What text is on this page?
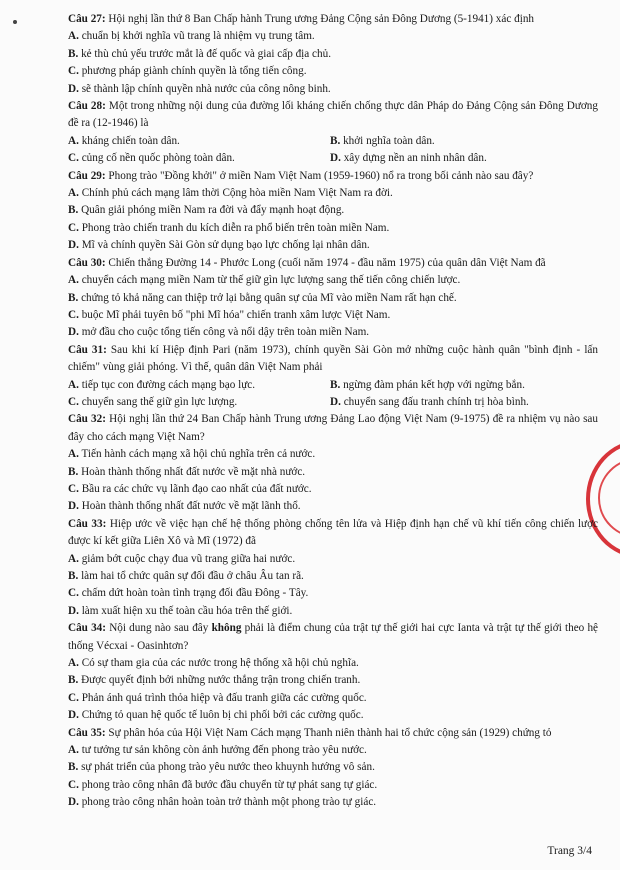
Câu 27: Hội nghị lần thứ 8 Ban Chấp hành Trung ương Đảng Cộng sản Đông Dương (5-1941) xác định

A. chuẩn bị khởi nghĩa vũ trang là nhiệm vụ trung tâm.

B. kẻ thù chủ yếu trước mắt là đế quốc và giai cấp địa chủ.

C. phương pháp giành chính quyền là tổng tiến công.

D. sẽ thành lập chính quyền nhà nước của công nông binh.

Câu 28: Một trong những nội dung của đường lối kháng chiến chống thực dân Pháp do Đảng Cộng sản Đông Dương đề ra (12-1946) là

A. kháng chiến toàn dân.	B. khởi nghĩa toàn dân.

C. củng cố nền quốc phòng toàn dân.	D. xây dựng nền an ninh nhân dân.

Câu 29: Phong trào "Đồng khởi" ở miền Nam Việt Nam (1959-1960) nổ ra trong bối cảnh nào sau đây?

A. Chính phủ cách mạng lâm thời Cộng hòa miền Nam Việt Nam ra đời.

B. Quân giải phóng miền Nam ra đời và đẩy mạnh hoạt động.

C. Phong trào chiến tranh du kích diễn ra phổ biến trên toàn miền Nam.

D. Mĩ và chính quyền Sài Gòn sử dụng bạo lực chống lại nhân dân.

Câu 30: Chiến thắng Đường 14 - Phước Long (cuối năm 1974 - đầu năm 1975) của quân dân Việt Nam đã

A. chuyển cách mạng miền Nam từ thế giữ gìn lực lượng sang thế tiến công chiến lược.

B. chứng tỏ khả năng can thiệp trở lại bằng quân sự của Mĩ vào miền Nam rất hạn chế.

C. buộc Mĩ phải tuyên bố "phi Mĩ hóa" chiến tranh xâm lược Việt Nam.

D. mở đầu cho cuộc tổng tiến công và nổi dậy trên toàn miền Nam.

Câu 31: Sau khi kí Hiệp định Pari (năm 1973), chính quyền Sài Gòn mở những cuộc hành quân "bình định - lấn chiếm" vùng giải phóng. Vì thế, quân dân Việt Nam phải

A. tiếp tục con đường cách mạng bạo lực.	B. ngừng đàm phán kết hợp với ngừng bắn.

C. chuyển sang thế giữ gìn lực lượng.	D. chuyển sang đấu tranh chính trị hòa bình.

Câu 32: Hội nghị lần thứ 24 Ban Chấp hành Trung ương Đảng Lao động Việt Nam (9-1975) đề ra nhiệm vụ nào sau đây cho cách mạng Việt Nam?

A. Tiến hành cách mạng xã hội chủ nghĩa trên cả nước.

B. Hoàn thành thống nhất đất nước về mặt nhà nước.

C. Bầu ra các chức vụ lãnh đạo cao nhất của đất nước.

D. Hoàn thành thống nhất đất nước về mặt lãnh thổ.

Câu 33: Hiệp ước về việc hạn chế hệ thống phòng chống tên lửa và Hiệp định hạn chế vũ khí tiến công chiến lược được kí kết giữa Liên Xô và Mĩ (1972) đã

A. giảm bớt cuộc chạy đua vũ trang giữa hai nước.

B. làm hai tổ chức quân sự đối đầu ở châu Âu tan rã.

C. chấm dứt hoàn toàn tình trạng đối đầu Đông - Tây.

D. làm xuất hiện xu thế toàn cầu hóa trên thế giới.

Câu 34: Nội dung nào sau đây không phải là điểm chung của trật tự thế giới hai cực Ianta và trật tự thế giới theo hệ thống Vécxai - Oasinhtơn?

A. Có sự tham gia của các nước trong hệ thống xã hội chủ nghĩa.

B. Được quyết định bởi những nước thắng trận trong chiến tranh.

C. Phản ánh quá trình thỏa hiệp và đấu tranh giữa các cường quốc.

D. Chứng tỏ quan hệ quốc tế luôn bị chi phối bởi các cường quốc.

Câu 35: Sự phân hóa của Hội Việt Nam Cách mạng Thanh niên thành hai tổ chức cộng sản (1929) chứng tỏ

A. tư tưởng tư sản không còn ảnh hưởng đến phong trào yêu nước.

B. sự phát triển của phong trào yêu nước theo khuynh hướng vô sản.

C. phong trào công nhân đã bước đầu chuyển từ tự phát sang tự giác.

D. phong trào công nhân hoàn toàn trở thành một phong trào tự giác.

Trang 3/4
